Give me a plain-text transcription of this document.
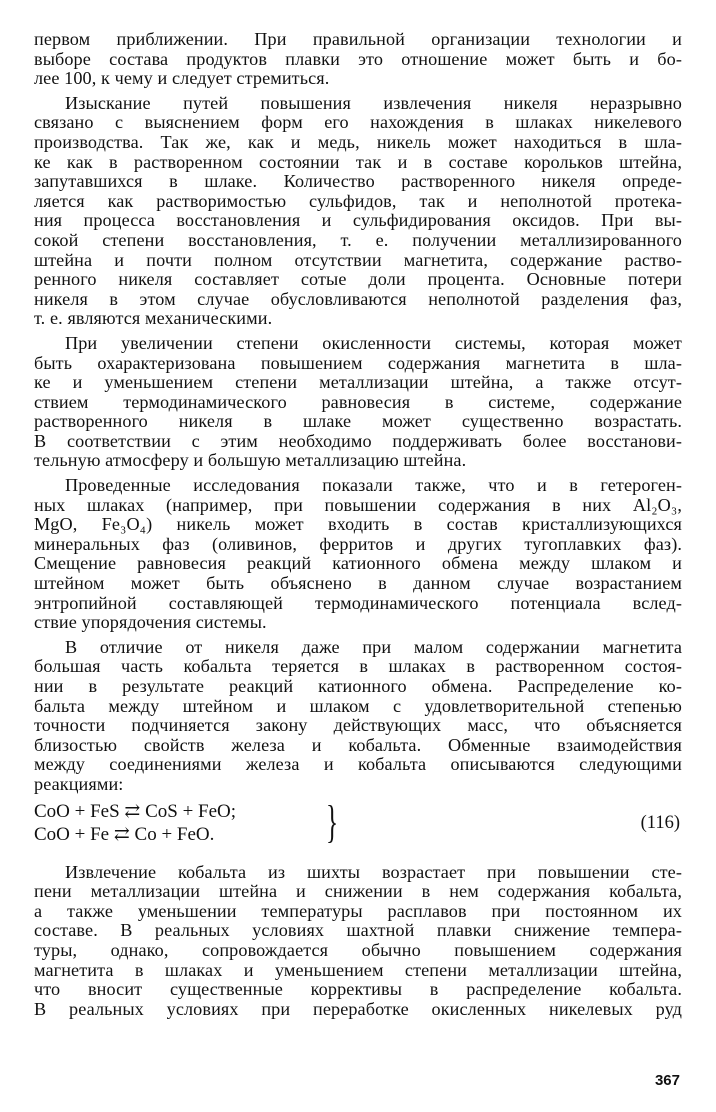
первом приближении. При правильной организации технологии и
выборе состава продуктов плавки это отношение может быть и бо-
лее 100, к чему и следует стремиться.
Изыскание путей повышения извлечения никеля неразрывно
связано с выяснением форм его нахождения в шлаках никелевого
производства. Так же, как и медь, никель может находиться в шла-
ке как в растворенном состоянии так и в составе корольков штейна,
запутавшихся в шлаке. Количество растворенного никеля опреде-
ляется как растворимостью сульфидов, так и неполнотой протека-
ния процесса восстановления и сульфидирования оксидов. При вы-
сокой степени восстановления, т. е. получении металлизированного
штейна и почти полном отсутствии магнетита, содержание раство-
ренного никеля составляет сотые доли процента. Основные потери
никеля в этом случае обусловливаются неполнотой разделения фаз,
т. е. являются механическими.
При увеличении степени окисленности системы, которая может
быть охарактеризована повышением содержания магнетита в шла-
ке и уменьшением степени металлизации штейна, а также отсут-
ствием термодинамического равновесия в системе, содержание
растворенного никеля в шлаке может существенно возрастать.
В соответствии с этим необходимо поддерживать более восстанови-
тельную атмосферу и большую металлизацию штейна.
Проведенные исследования показали также, что и в гетероген-
ных шлаках (например, при повышении содержания в них Al₂O₃,
MgO, Fe₃O₄) никель может входить в состав кристаллизующихся
минеральных фаз (оливинов, ферритов и других тугоплавких фаз).
Смещение равновесия реакций катионного обмена между шлаком и
штейном может быть объяснено в данном случае возрастанием
энтропийной составляющей термодинамического потенциала вслед-
ствие упорядочения системы.
В отличие от никеля даже при малом содержании магнетита
большая часть кобальта теряется в шлаках в растворенном состоя-
нии в результате реакций катионного обмена. Распределение ко-
бальта между штейном и шлаком с удовлетворительной степенью
точности подчиняется закону действующих масс, что объясняется
близостью свойств железа и кобальта. Обменные взаимодействия
между соединениями железа и кобальта описываются следующими
реакциями:
CoO + FeS ⇄ CoS + FeO;
CoO + Fe ⇄ Co + FeO. }	(116)
Извлечение кобальта из шихты возрастает при повышении сте-
пени металлизации штейна и снижении в нем содержания кобальта,
а также уменьшении температуры расплавов при постоянном их
составе. В реальных условиях шахтной плавки снижение темпера-
туры, однако, сопровождается обычно повышением содержания
магнетита в шлаках и уменьшением степени металлизации штейна,
что вносит существенные коррективы в распределение кобальта.
В реальных условиях при переработке окисленных никелевых руд
367
